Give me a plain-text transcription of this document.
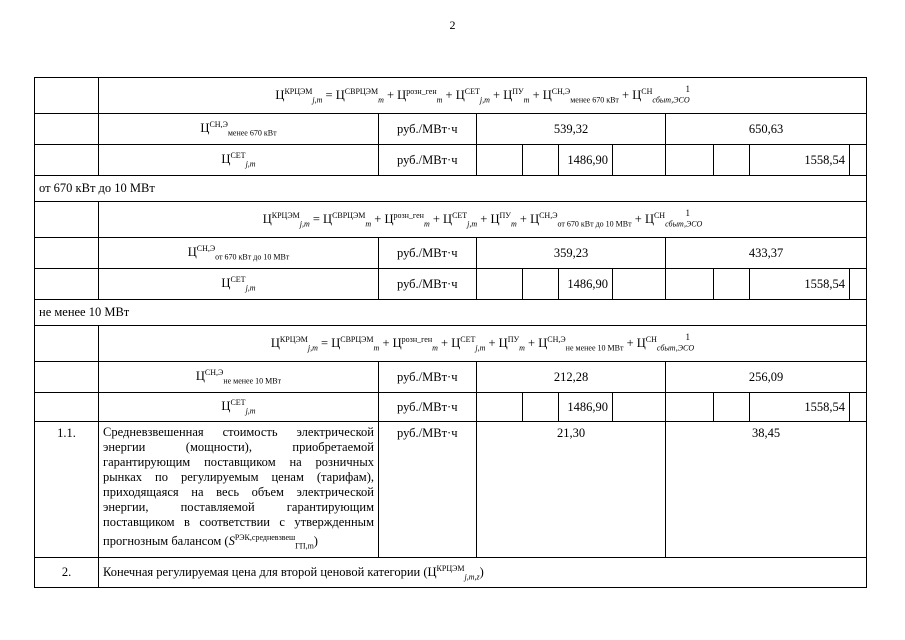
2
	$Ц^{КРЦЭМ}_{j,m} = Ц^{СВРЦЭМ}_m + Ц^{розн\_ген}_m + Ц^{СЕТ}_{j,m} + Ц^{ПУ}_m + Ц^{СН,Э}_{менее 670 кВт} + Ц^{СН}_{сбыт,ЭСО}$
1									

	$Ц^{СН,Э}_{менее 670 кВт}$	руб./МВт·ч	539,32				650,63			
	$Ц^{СЕТ}_{j,m}$	руб./МВт·ч			1486,90				1558,54	
от 670 кВт до 10 МВт										
	$Ц^{КРЦЭМ}_{j,m} = Ц^{СВРЦЭМ}_m + Ц^{розн\_ген}_m + Ц^{СЕТ}_{j,m} + Ц^{ПУ}_m + Ц^{СН,Э}_{от 670 кВт до 10 МВт} + Ц^{СН}_{сбыт,ЭСО}$
1									

	$Ц^{СН,Э}_{от 670 кВт до 10 МВт}$	руб./МВт·ч	359,23				433,37			
	$Ц^{СЕТ}_{j,m}$	руб./МВт·ч			1486,90				1558,54	
не менее 10 МВт										
	$Ц^{КРЦЭМ}_{j,m} = Ц^{СВРЦЭМ}_m + Ц^{розн\_ген}_m + Ц^{СЕТ}_{j,m} + Ц^{ПУ}_m + Ц^{СН,Э}_{не менее 10 МВт} + Ц^{СН}_{сбыт,ЭСО}$
1									

	$Ц^{СН,Э}_{не менее 10 МВт}$	руб./МВт·ч	212,28				256,09			
	$Ц^{СЕТ}_{j,m}$	руб./МВт·ч			1486,90				1558,54	
1.1.	Средневзвешенная стоимость электрической энергии (мощности), приобретаемой гарантирующим поставщиком на розничных рынках по регулируемым ценам (тарифам), приходящаяся на весь объем электрической энергии, поставляемой гарантирующим поставщиком в соответствии с утвержденным прогнозным балансом $(S^{РЭК,средневзвеш}_{ГП,m})$	руб./МВт·ч	21,30				38,45			
2.	Конечная регулируемая цена для второй ценовой категории $(Ц^{КРЦЭМ}_{j,m,z})$									
